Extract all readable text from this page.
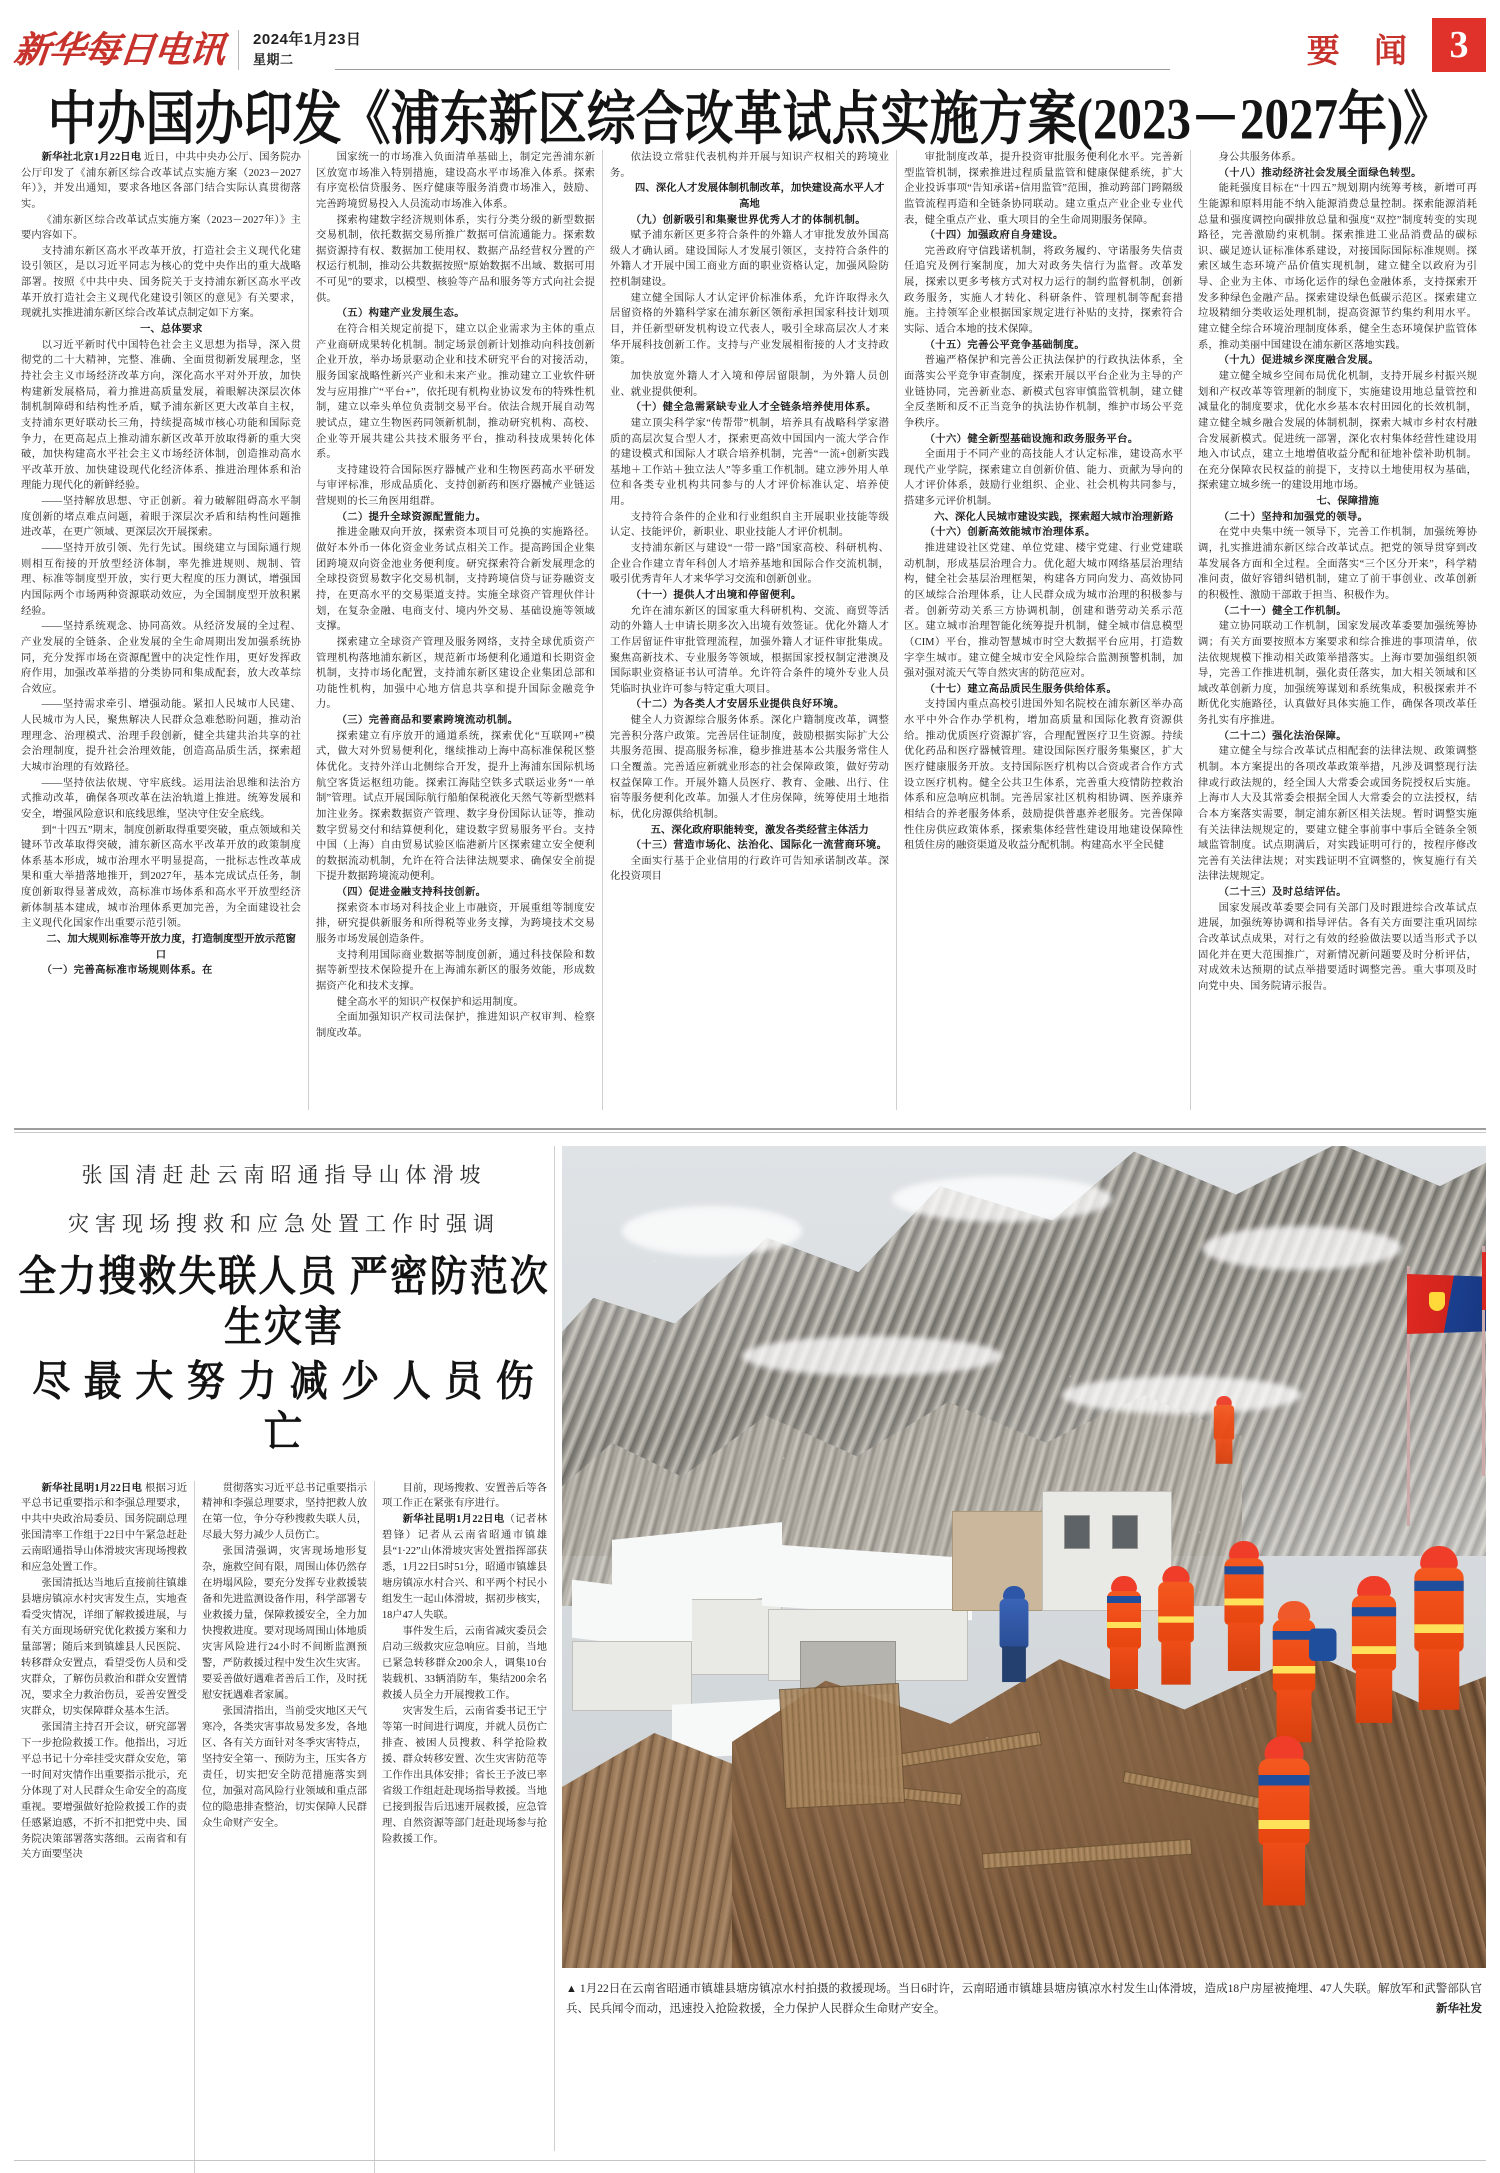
新华每日电讯 2024年1月23日
星期二	要 闻 3
中办国办印发《浦东新区综合改革试点实施方案(2023－2027年)》

新华社北京1月22日电 近日，中共中央办公厅、国务院办公厅印发了《浦东新区综合改革试点实施方案（2023－2027年）》，并发出通知，要求各地区各部门结合实际认真贯彻落实。

《浦东新区综合改革试点实施方案（2023－2027年）》主要内容如下。

支持浦东新区高水平改革开放，打造社会主义现代化建设引领区，是以习近平同志为核心的党中央作出的重大战略部署。按照《中共中央、国务院关于支持浦东新区高水平改革开放打造社会主义现代化建设引领区的意见》有关要求，现就扎实推进浦东新区综合改革试点制定如下方案。

一、总体要求

以习近平新时代中国特色社会主义思想为指导，深入贯彻党的二十大精神，完整、准确、全面贯彻新发展理念，坚持社会主义市场经济改革方向，深化高水平对外开放，加快构建新发展格局，着力推进高质量发展，着眼解决深层次体制机制障碍和结构性矛盾，赋予浦东新区更大改革自主权，支持浦东更好联动长三角，持续提高城市核心功能和国际竞争力，在更高起点上推动浦东新区改革开放取得新的重大突破，加快构建高水平社会主义市场经济体制，创造推动高水平改革开放、加快建设现代化经济体系、推进治理体系和治理能力现代化的新鲜经验。

——坚持解放思想、守正创新。着力破解阻碍高水平制度创新的堵点难点问题，着眼于深层次矛盾和结构性问题推进改革，在更广领域、更深层次开展探索。

——坚持开放引领、先行先试。围绕建立与国际通行规则相互衔接的开放型经济体制，率先推进规则、规制、管理、标准等制度型开放，实行更大程度的压力测试，增强国内国际两个市场两种资源联动效应，为全国制度型开放积累经验。

——坚持系统观念、协同高效。从经济发展的全过程、产业发展的全链条、企业发展的全生命周期出发加强系统协同，充分发挥市场在资源配置中的决定性作用，更好发挥政府作用，加强改革举措的分类协同和集成配套，放大改革综合效应。

——坚持需求牵引、增强动能。紧扣人民城市人民建、人民城市为人民，聚焦解决人民群众急难愁盼问题，推动治理理念、治理模式、治理手段创新，健全共建共治共享的社会治理制度，提升社会治理效能，创造高品质生活，探索超大城市治理的有效路径。

——坚持依法依规、守牢底线。运用法治思维和法治方式推动改革，确保各项改革在法治轨道上推进。统筹发展和安全，增强风险意识和底线思维，坚决守住安全底线。

到“十四五”期末，制度创新取得重要突破，重点领域和关键环节改革取得突破，浦东新区高水平改革开放的政策制度体系基本形成，城市治理水平明显提高，一批标志性改革成果和重大举措落地推开，到2027年，基本完成试点任务，制度创新取得显著成效，高标准市场体系和高水平开放型经济新体制基本建成，城市治理体系更加完善，为全面建设社会主义现代化国家作出重要示范引领。

二、加大规则标准等开放力度，打造制度型开放示范窗口

（一）完善高标准市场规则体系。在

国家统一的市场准入负面清单基础上，制定完善浦东新区放宽市场准入特别措施，建设高水平市场准入体系。探索有序宽松信贷服务、医疗健康等服务消费市场准入，鼓励、完善跨境贸易投入人员流动市场准入体系。

探索构建数字经济规则体系，实行分类分级的新型数据交易机制，依托数据交易所推广数据可信流通能力。探索数据资源持有权、数据加工使用权、数据产品经营权分置的产权运行机制，推动公共数据按照“原始数据不出域、数据可用不可见”的要求，以模型、核验等产品和服务等方式向社会提供。

（五）构建产业发展生态。

在符合相关规定前提下，建立以企业需求为主体的重点产业商研成果转化机制。制定场景创新计划推动向科技创新企业开放，举办场景驱动企业和技术研究平台的对接活动，服务国家战略性新兴产业和未来产业。推动建立工业软件研发与应用推广“平台+”，依托现有机构业协议发布的特殊性机制，建立以牵头单位负责制交易平台。依法合规开展自动驾驶试点，建立生物医药同领新机制，推动研究机构、高校、企业等开展共建公共技术服务平台，推动科技成果转化体系。

支持建设符合国际医疗器械产业和生物医药高水平研发与审评标准，形成品质化、支持创新药和医疗器械产业链运营规则的长三角医用组群。

（二）提升全球资源配置能力。

推进金融双向开放，探索资本项目可兑换的实施路径。做好本外币一体化资金业务试点相关工作。提高跨国企业集团跨境双向资金池业务便利度。研究探索符合新发展理念的全球投资贸易数字化交易机制，支持跨境信贷与证券融资支持，在更高水平的交易渠道支持。实施全球资产管理伙伴计划，在复杂金融、电商支付、境内外交易、基础设施等领域支撑。

探索建立全球资产管理及服务网络，支持全球优质资产管理机构落地浦东新区，规范新市场便利化通道和长期资金机制，支持市场化配置，支持浦东新区建设企业集团总部和功能性机构，加强中心地方信息共享和提升国际金融竞争力。

（三）完善商品和要素跨境流动机制。

探索建立有序放开的通道系统，探索优化“互联网+”模式，做大对外贸易便利化，继续推动上海中高标准保税区整体优化。支持外洋山北侧综合开发，提升上海浦东国际机场航空客货运枢纽功能。探索江海陆空铁多式联运业务“一单制”管理。试点开展国际航行船舶保税液化天然气等新型燃料加注业务。探索数据资产管理、数字身份国际认证等，推动数字贸易交付和结算便利化，建设数字贸易服务平台。支持中国（上海）自由贸易试验区临港新片区探索建立安全便利的数据流动机制，允许在符合法律法规要求、确保安全前提下提升数据跨境流动便利。

（四）促进金融支持科技创新。

探索资本市场对科技企业上市融资，开展重组等制度安排，研究提供新服务和所得税等业务支撑，为跨境技术交易服务市场发展创造条件。

支持利用国际商业数据等制度创新，通过科技保险和数据等新型技术保险提升在上海浦东新区的服务效能，形成数据资产化和技术支撑。

健全高水平的知识产权保护和运用制度。

全面加强知识产权司法保护，推进知识产权审判、检察制度改革。

依法设立常驻代表机构并开展与知识产权相关的跨境业务。

四、深化人才发展体制机制改革，加快建设高水平人才高地

（九）创新吸引和集聚世界优秀人才的体制机制。

赋予浦东新区更多符合条件的外籍人才审批发放外国高级人才确认函。建设国际人才发展引领区，支持符合条件的外籍人才开展中国工商业方面的职业资格认定，加强风险防控机制建设。

建立健全国际人才认定评价标准体系，允许许取得永久居留资格的外籍科学家在浦东新区领衔承担国家科技计划项目，并任新型研发机构设立代表人，吸引全球高层次人才来华开展科技创新工作。支持与产业发展相衔接的人才支持政策。

加快放宽外籍人才入境和停居留限制，为外籍人员创业、就业提供便利。

（十）健全急需紧缺专业人才全链条培养使用体系。

建立顶尖科学家“传帮带”机制，培养具有战略科学家潜质的高层次复合型人才，探索更高效中国国内一流大学合作的建设模式和国际人才联合培养机制，完善“一流+创新实践基地＋工作站＋独立法人”等多重工作机制。建立涉外用人单位和各类专业机构共同参与的人才评价标准认定、培养使用。

支持符合条件的企业和行业组织自主开展职业技能等级认定、技能评价，新职业、职业技能人才评价机制。

支持浦东新区与建设“一带一路”国家高校、科研机构、企业合作建立青年科创人才培养基地和国际合作交流机制，吸引优秀青年人才来华学习交流和创新创业。

（十一）提供人才出境和停留便利。

允许在浦东新区的国家重大科研机构、交流、商贸等活动的外籍人士申请长期多次入出境有效签证。优化外籍人才工作居留证件审批管理流程，加强外籍人才证件审批集成。聚焦高新技术、专业服务等领域，根据国家授权制定港澳及国际职业资格证书认可清单。允许符合条件的境外专业人员凭临时执业许可参与特定重大项目。

（十二）为各类人才安居乐业提供良好环境。

健全人力资源综合服务体系。深化户籍制度改革，调整完善积分落户政策。完善居住证制度，鼓励根据实际扩大公共服务范围、提高服务标准，稳步推进基本公共服务常住人口全覆盖。完善适应新就业形态的社会保障政策，做好劳动权益保障工作。开展外籍人员医疗、教育、金融、出行、住宿等服务便利化改革。加强人才住房保障，统筹使用土地指标，优化房源供给机制。

五、深化政府职能转变，激发各类经营主体活力

（十三）营造市场化、法治化、国际化一流营商环境。

全面实行基于企业信用的行政许可告知承诺制改革。深化投资项目

审批制度改革，提升投资审批服务便利化水平。完善新型监管机制，探索推进过程质量监管和健康保健系统，扩大企业投诉事项“告知承诺+信用监管”范围，推动跨部门跨隔级监管流程再造和全链条协同联动。建立重点产业企业专业代表，健全重点产业、重大项目的全生命周期服务保障。

（十四）加强政府自身建设。

完善政府守信践诺机制，将政务履约、守诺服务失信责任追究及例行案制度，加大对政务失信行为监督。改革发展，探索以更多考核方式对权力运行的制约监督机制，创新政务服务，实施人才转化、科研条件、管理机制等配套措施。主持领军企业根据国家规定进行补贴的支持，探索符合实际、适合本地的技术保障。

（十五）完善公平竞争基础制度。

普遍严格保护和完善公正执法保护的行政执法体系，全面落实公平竞争审查制度，探索开展以平台企业为主导的产业链协同，完善新业态、新模式包容审慎监管机制，建立健全反垄断和反不正当竞争的执法协作机制，维护市场公平竞争秩序。

（十六）健全新型基础设施和政务服务平台。

全面用于不同产业的高技能人才认定标准，建设高水平现代产业学院，探索建立自创新价值、能力、贡献为导向的人才评价体系，鼓励行业组织、企业、社会机构共同参与，搭建多元评价机制。

六、深化人民城市建设实践，探索超大城市治理新路

（十六）创新高效能城市治理体系。

推进建设社区党建、单位党建、楼宇党建、行业党建联动机制，形成基层治理合力。优化超大城市网络基层治理结构，健全社会基层治理框架，构建各方同向发力、高效协同的区域综合治理体系，让人民群众成为城市治理的积极参与者。创新劳动关系三方协调机制，创建和谐劳动关系示范区。建立城市治理智能化统筹提升机制，健全城市信息模型（CIM）平台，推动智慧城市时空大数据平台应用，打造数字孪生城市。建立健全城市安全风险综合监测预警机制，加强对强对流天气等自然灾害的防范应对。

（十七）建立高品质民生服务供给体系。

支持国内重点高校引进国外知名院校在浦东新区举办高水平中外合作办学机构，增加高质量和国际化教育资源供给。推动优质医疗资源扩容，合理配置医疗卫生资源。持续优化药品和医疗器械管理。建设国际医疗服务集聚区，扩大医疗健康服务开放。支持国际医疗机构以合资或者合作方式设立医疗机构。健全公共卫生体系，完善重大疫情防控救治体系和应急响应机制。完善居家社区机构相协调、医养康养相结合的养老服务体系，鼓励提供普惠养老服务。完善保障性住房供应政策体系，探索集体经营性建设用地建设保障性租赁住房的融资渠道及收益分配机制。构建高水平全民健

身公共服务体系。

（十八）推动经济社会发展全面绿色转型。

能耗强度目标在“十四五”规划期内统筹考核，新增可再生能源和原料用能不纳入能源消费总量控制。探索能源消耗总量和强度调控向碳排放总量和强度“双控”制度转变的实现路径，完善激励约束机制。探索推进工业品消费品的碳标识、碳足迹认证标准体系建设，对接国际国际标准规则。探索区域生态环境产品价值实现机制，建立健全以政府为引导、企业为主体、市场化运作的绿色金融体系，支持探索开发多种绿色金融产品。探索建设绿色低碳示范区。探索建立垃圾精细分类收运处理机制，提高资源节约集约利用水平。建立健全综合环境治理制度体系，健全生态环境保护监管体系，推动美丽中国建设在浦东新区落地实践。

（十九）促进城乡深度融合发展。

建立健全城乡空间布局优化机制，支持开展乡村振兴规划和产权改革等管理新的制度下，实施建设用地总量管控和减量化的制度要求，优化水乡基本农村田园化的长效机制，建立健全城乡融合发展的体制机制，探索大城市乡村农村融合发展新模式。促进统一部署，深化农村集体经营性建设用地入市试点，建立土地增值收益分配和征地补偿补助机制。在充分保障农民权益的前提下，支持以土地使用权为基础，探索建立城乡统一的建设用地市场。

七、保障措施

（二十）坚持和加强党的领导。

在党中央集中统一领导下，完善工作机制，加强统筹协调，扎实推进浦东新区综合改革试点。把党的领导贯穿到改革发展各方面和全过程。全面落实“三个区分开来”，科学精准问责，做好容错纠错机制，建立了前干事创业、改革创新的积极性、激励干部敢于担当、积极作为。

（二十一）健全工作机制。

建立协同联动工作机制，国家发展改革委要加强统筹协调；有关方面要按照本方案要求和综合推进的事项清单，依法依规规模下推动相关政策举措落实。上海市要加强组织领导，完善工作推进机制，强化责任落实，加大相关领域和区域改革创新力度，加强统筹谋划和系统集成，积极探索并不断优化实施路径，认真做好具体实施工作，确保各项改革任务扎实有序推进。

（二十二）强化法治保障。

建立健全与综合改革试点相配套的法律法规、政策调整机制。本方案提出的各项改革政策举措，凡涉及调整现行法律或行政法规的，经全国人大常委会或国务院授权后实施。上海市人大及其常委会根据全国人大常委会的立法授权，结合本方案落实需要，制定浦东新区相关法规。暂时调整实施有关法律法规规定的，要建立健全事前事中事后全链条全领域监管制度。试点期满后，对实践证明可行的，按程序修改完善有关法律法规；对实践证明不宜调整的，恢复施行有关法律法规规定。

（二十三）及时总结评估。

国家发展改革委要会同有关部门及时跟进综合改革试点进展，加强统筹协调和指导评估。各有关方面要注重巩固综合改革试点成果，对行之有效的经验做法要以适当形式予以固化并在更大范围推广，对新情况新问题要及时分析评估，对成效未达预期的试点举措要适时调整完善。重大事项及时向党中央、国务院请示报告。

张国清赶赴云南昭通指导山体滑坡
灾害现场搜救和应急处置工作时强调
全力搜救失联人员 严密防范次生灾害
尽 最 大 努 力 减 少 人 员 伤 亡

新华社昆明1月22日电 根据习近平总书记重要指示和李强总理要求，中共中央政治局委员、国务院副总理张国清率工作组于22日中午紧急赶赴云南昭通指导山体滑坡灾害现场搜救和应急处置工作。

张国清抵达当地后直接前往镇雄县塘房镇凉水村灾害发生点，实地查看受灾情况，详细了解救援进展，与有关方面现场研究优化救援方案和力量部署；随后来到镇雄县人民医院、转移群众安置点，看望受伤人员和受灾群众，了解伤员救治和群众安置情况，要求全力救治伤员，妥善安置受灾群众，切实保障群众基本生活。

张国清主持召开会议，研究部署下一步抢险救援工作。他指出，习近平总书记十分牵挂受灾群众安危，第一时间对灾情作出重要指示批示，充分体现了对人民群众生命安全的高度重视。要增强做好抢险救援工作的责任感紧迫感，不折不扣把党中央、国务院决策部署落实落细。云南省和有关方面要坚决

贯彻落实习近平总书记重要指示精神和李强总理要求，坚持把救人放在第一位，争分夺秒搜救失联人员，尽最大努力减少人员伤亡。

张国清强调，灾害现场地形复杂，施救空间有限，周围山体仍然存在坍塌风险，要充分发挥专业救援装备和先进监测设备作用，科学部署专业救援力量，保障救援安全，全力加快搜救进度。要对现场周围山体地质灾害风险进行24小时不间断监测预警，严防救援过程中发生次生灾害。要妥善做好遇难者善后工作，及时抚慰安抚遇难者家属。

张国清指出，当前受灾地区天气寒冷，各类灾害事故易发多发，各地区、各有关方面针对冬季灾害特点，坚持安全第一、预防为主，压实各方责任，切实把安全防范措施落实到位，加强对高风险行业领域和重点部位的隐患排查整治，切实保障人民群众生命财产安全。

目前，现场搜救、安置善后等各项工作正在紧张有序进行。

新华社昆明1月22日电（记者林碧锋）记者从云南省昭通市镇雄县“1·22”山体滑坡灾害处置指挥部获悉，1月22日5时51分，昭通市镇雄县塘房镇凉水村合兴、和平两个村民小组发生一起山体滑坡，据初步核实，18户47人失联。

事件发生后，云南省减灾委员会启动三级救灾应急响应。目前，当地已紧急转移群众200余人，调集10台装载机、33辆消防车，集结200余名救援人员全力开展搜救工作。

灾害发生后，云南省委书记王宁等第一时间进行调度，并就人员伤亡排查、被困人员搜救、科学抢险救援、群众转移安置、次生灾害防范等工作作出具体安排；省长王予波已率省级工作组赶赴现场指导救援。当地已接到报告后迅速开展救援，应急管理、自然资源等部门赶赴现场参与抢险救援工作。

▲ 1月22日在云南省昭通市镇雄县塘房镇凉水村拍摄的救援现场。当日6时许，云南昭通市镇雄县塘房镇凉水村发生山体滑坡，造成18户房屋被掩埋、47人失联。解放军和武警部队官兵、民兵闻令而动，迅速投入抢险救援，全力保护人民群众生命财产安全。	新华社发
